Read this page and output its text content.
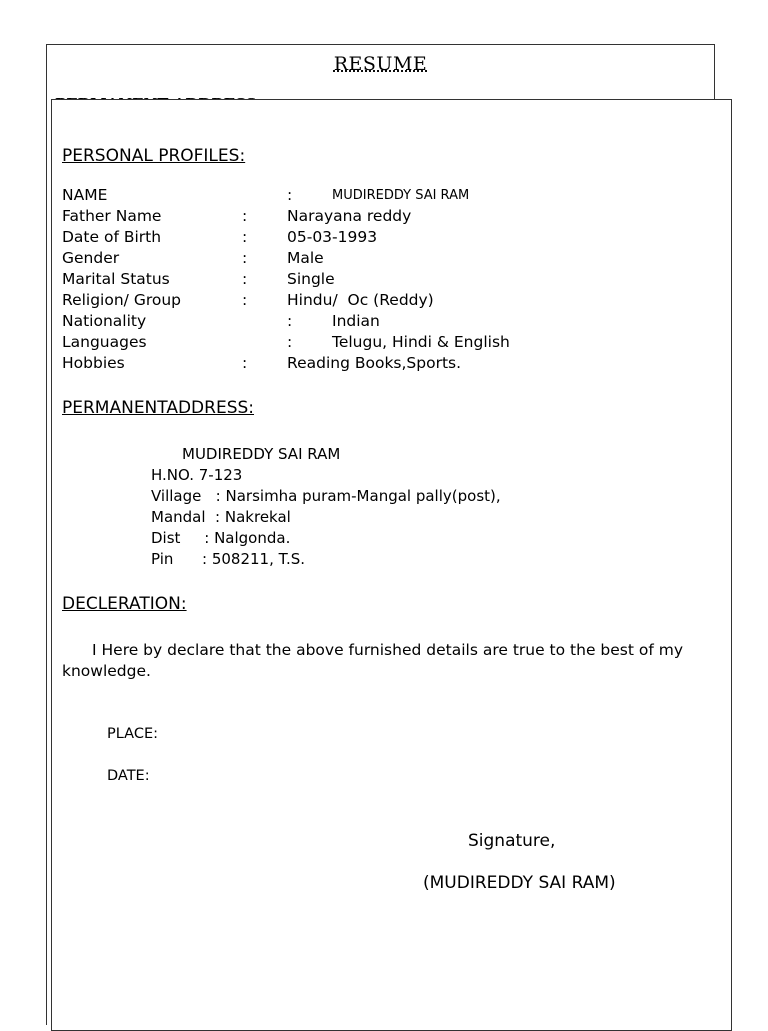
RESUME
PERSONAL PROFILES:
NAME	:	MUDIREDDY SAI RAM
Father Name	:	Narayana reddy
Date of Birth	:	05-03-1993
Gender	:	Male
Marital Status	:	Single
Religion/ Group	:	Hindu/  Oc (Reddy)
Nationality	:	Indian
Languages	:	Telugu, Hindi & English
Hobbies	:	Reading Books,Sports.
PERMANENTADDRESS:
MUDIREDDY SAI RAM
H.NO. 7-123
Village   : Narsimha puram-Mangal pally(post),
Mandal  : Nakrekal
Dist     : Nalgonda.
Pin      : 508211, T.S.
DECLERATION:
I Here by declare that the above furnished details are true to the best of my knowledge.
PLACE:
DATE:
Signature,
(MUDIREDDY SAI RAM)
